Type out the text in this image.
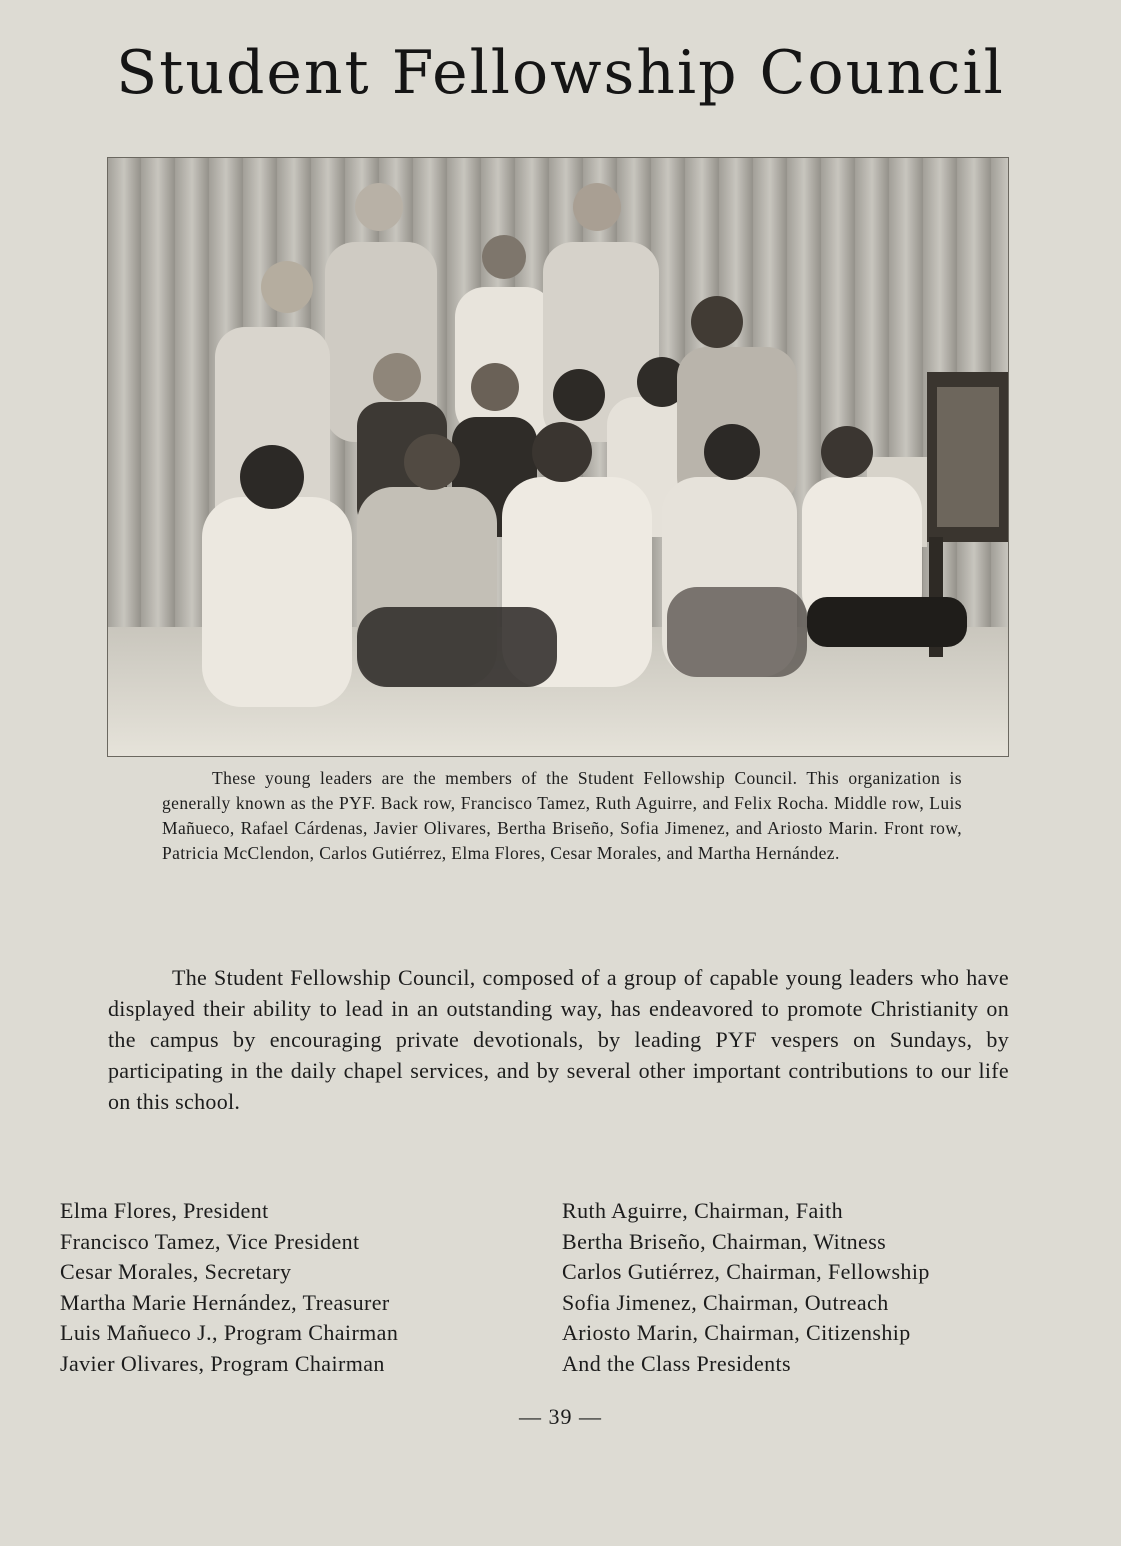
Student Fellowship Council

These young leaders are the members of the Student Fellowship Council. This organization is generally known as the PYF. Back row, Francisco Tamez, Ruth Aguirre, and Felix Rocha. Middle row, Luis Mañueco, Rafael Cárdenas, Javier Olivares, Bertha Briseño, Sofia Jimenez, and Ariosto Marin. Front row, Patricia McClendon, Carlos Gutiérrez, Elma Flores, Cesar Morales, and Martha Hernández.

The Student Fellowship Council, composed of a group of capable young leaders who have displayed their ability to lead in an outstanding way, has endeavored to promote Christianity on the campus by encouraging private devotionals, by leading PYF vespers on Sundays, by participating in the daily chapel services, and by several other important contributions to our life on this school.

Elma Flores, President
Francisco Tamez, Vice President
Cesar Morales, Secretary
Martha Marie Hernández, Treasurer
Luis Mañueco J., Program Chairman
Javier Olivares, Program Chairman
Ruth Aguirre, Chairman, Faith
Bertha Briseño, Chairman, Witness
Carlos Gutiérrez, Chairman, Fellowship
Sofia Jimenez, Chairman, Outreach
Ariosto Marin, Chairman, Citizenship
And the Class Presidents
— 39 —
